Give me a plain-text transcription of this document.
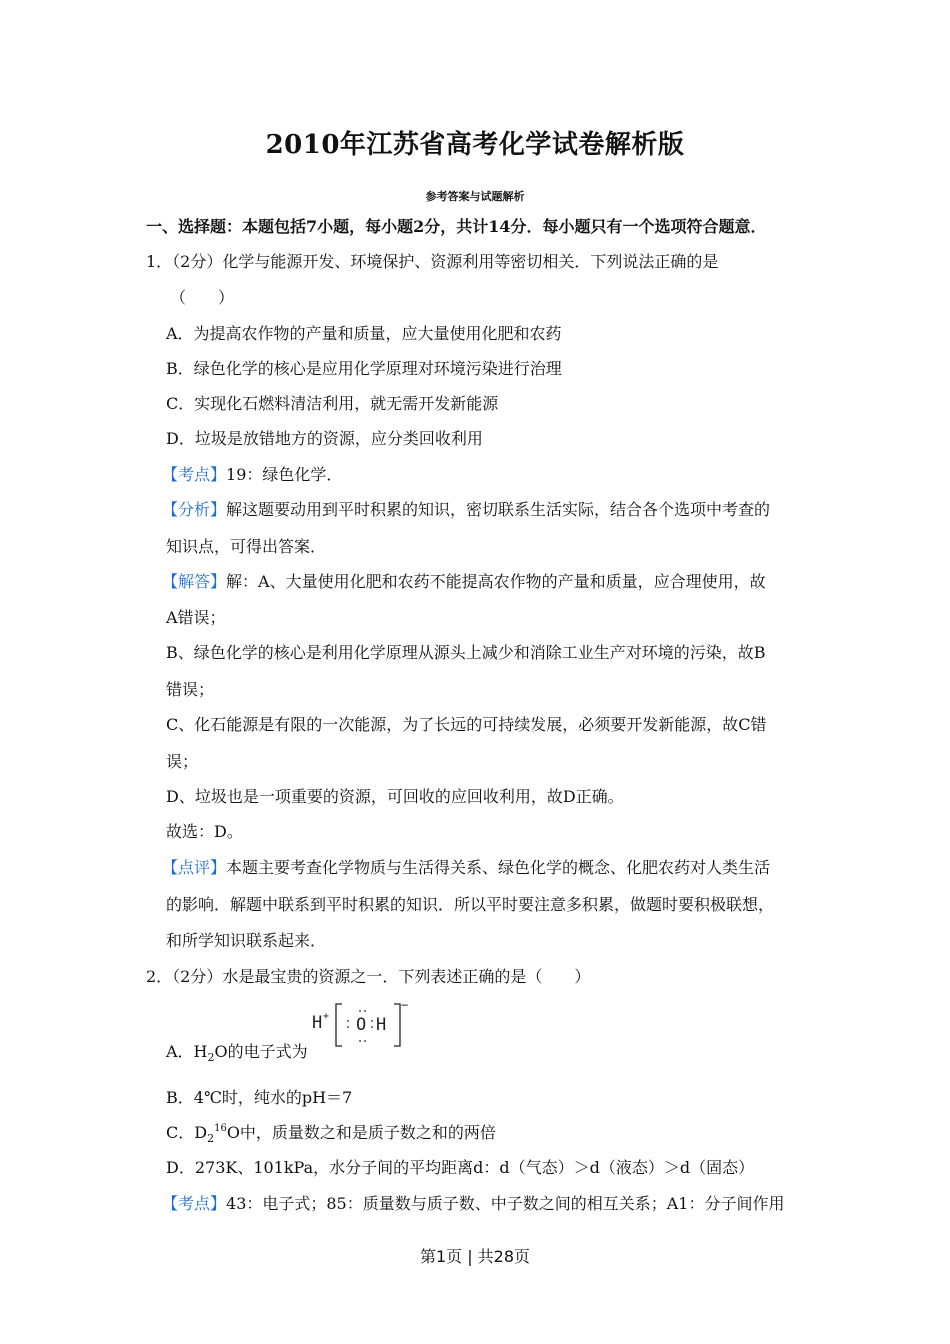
2010年江苏省高考化学试卷解析版
参考答案与试题解析
一、选择题：本题包括7小题，每小题2分，共计14分．每小题只有一个选项符合题意．
1．（2分）化学与能源开发、环境保护、资源利用等密切相关．下列说法正确的是
（　　）
A．为提高农作物的产量和质量，应大量使用化肥和农药
B．绿色化学的核心是应用化学原理对环境污染进行治理
C．实现化石燃料清洁利用，就无需开发新能源
D．垃圾是放错地方的资源，应分类回收利用
【考点】19：绿色化学．
【分析】解这题要动用到平时积累的知识，密切联系生活实际，结合各个选项中考查的
知识点，可得出答案．
【解答】解：A、大量使用化肥和农药不能提高农作物的产量和质量，应合理使用，故
A错误；
B、绿色化学的核心是利用化学原理从源头上减少和消除工业生产对环境的污染，故B
错误；
C、化石能源是有限的一次能源，为了长远的可持续发展，必须要开发新能源，故C错
误；
D、垃圾也是一项重要的资源，可回收的应回收利用，故D正确。
故选：D。
【点评】本题主要考查化学物质与生活得关系、绿色化学的概念、化肥农药对人类生活
的影响．解题中联系到平时积累的知识．所以平时要注意多积累，做题时要积极联想，
和所学知识联系起来．
2．（2分）水是最宝贵的资源之一．下列表述正确的是（　　）
H + O H
−
A．$H_2O$的电子式为
B．4℃时，纯水的pH＝7
C．$D_2^{16}O$中，质量数之和是质子数之和的两倍
D．273K、101kPa，水分子间的平均距离d：d（气态）＞d（液态）＞d（固态）
【考点】43：电子式；85：质量数与质子数、中子数之间的相互关系；A1：分子间作用
第1页 | 共28页
